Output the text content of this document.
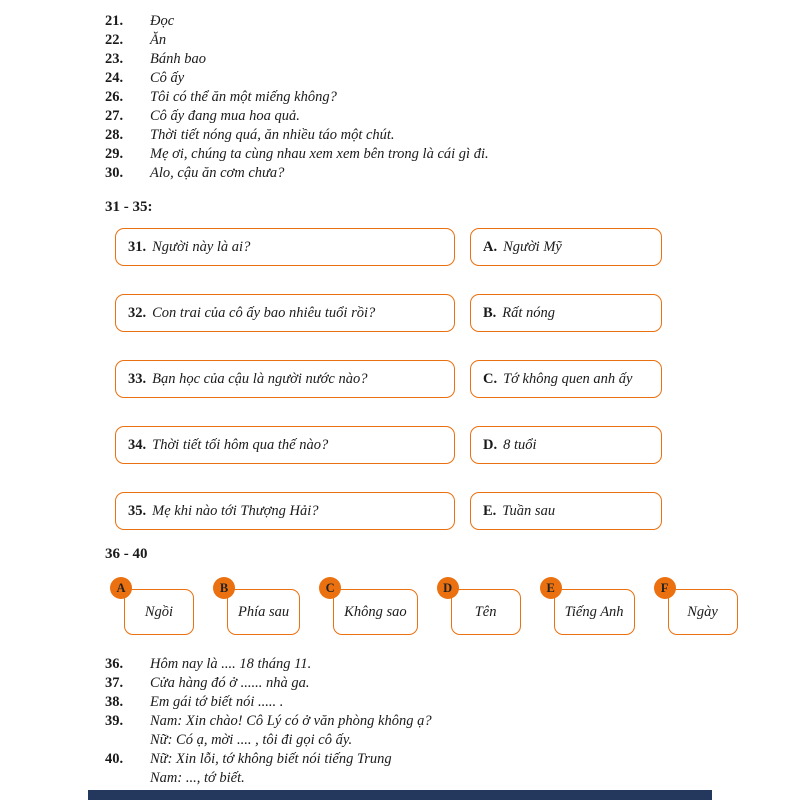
21.	Đọc
22.	Ăn
23.	Bánh bao
24.	Cô ấy
26.	Tôi có thể ăn một miếng không?
27.	Cô ấy đang mua hoa quả.
28.	Thời tiết nóng quá, ăn nhiều táo một chút.
29.	Mẹ ơi, chúng ta cùng nhau xem xem bên trong là cái gì đi.
30.	Alo, cậu ăn cơm chưa?
31 - 35:
31. Người này là ai?	A. Người Mỹ
32. Con trai của cô ấy bao nhiêu tuổi rồi?	B. Rất nóng
33. Bạn học của cậu là người nước nào?	C. Tớ không quen anh ấy
34. Thời tiết tối hôm qua thế nào?	D. 8 tuổi
35. Mẹ khi nào tới Thượng Hải?	E. Tuần sau
36 - 40
A
Ngồi
B
Phía sau
C
Không sao
D
Tên
E
Tiếng Anh
F
Ngày
36.	Hôm nay là .... 18 tháng 11.
37.	Cửa hàng đó ở ...... nhà ga.
38.	Em gái tớ biết nói ..... .
39.	Nam: Xin chào! Cô Lý có ở văn phòng không ạ?
Nữ: Có ạ, mời .... , tôi đi gọi cô ấy.
40.	Nữ: Xin lỗi, tớ không biết nói tiếng Trung
Nam: ..., tớ biết.
